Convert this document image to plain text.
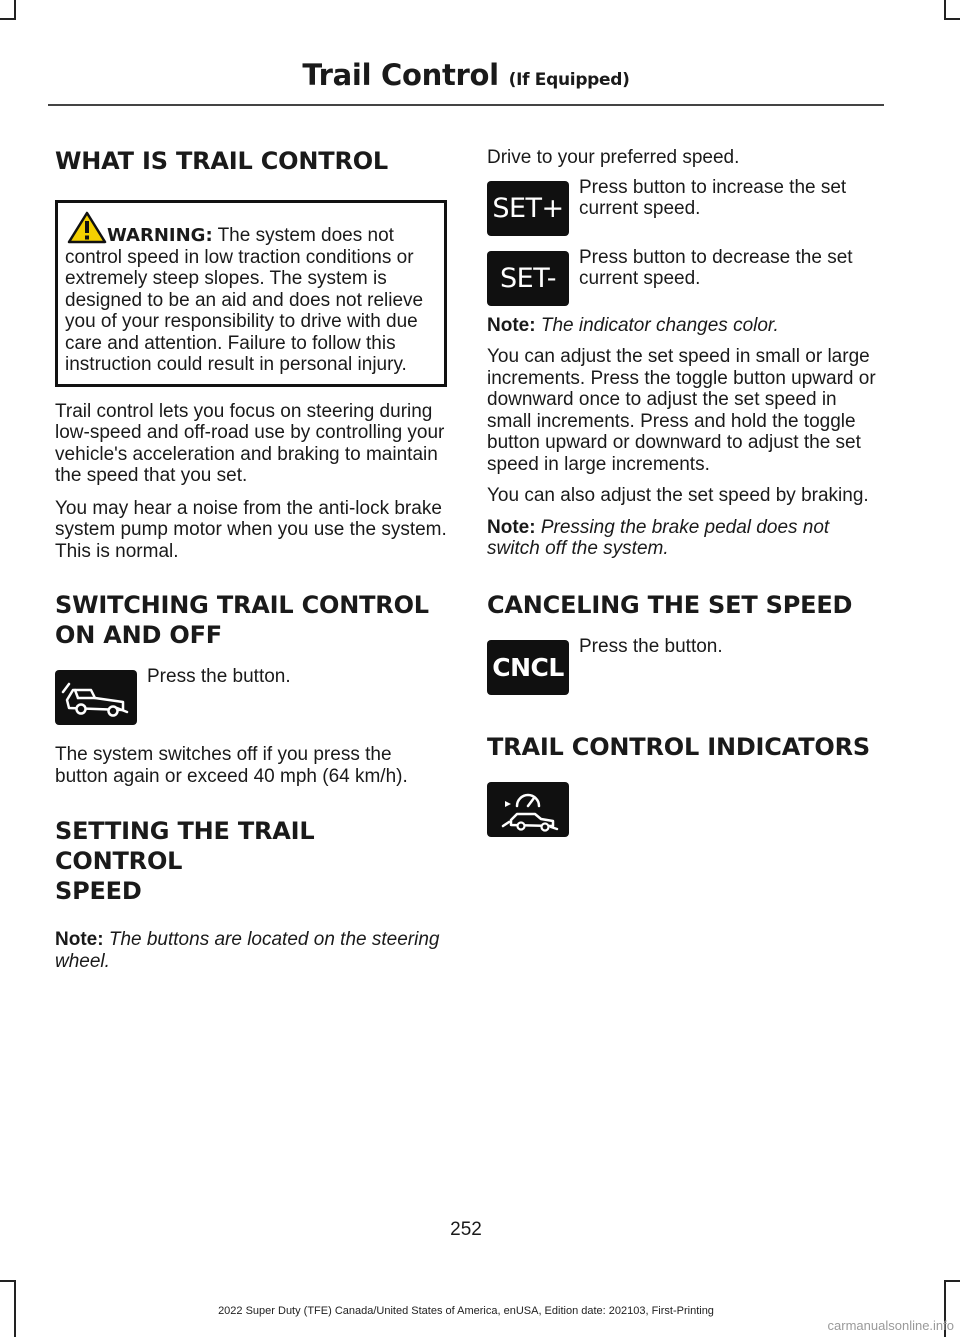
Trail Control (If Equipped)
WHAT IS TRAIL CONTROL
WARNING: The system does not
control speed in low traction conditions or extremely steep slopes. The system is designed to be an aid and does not relieve you of your responsibility to drive with due care and attention. Failure to follow this instruction could result in personal injury.

Trail control lets you focus on steering during low-speed and off-road use by controlling your vehicle's acceleration and braking to maintain the speed that you set.

You may hear a noise from the anti-lock brake system pump motor when you use the system. This is normal.

SWITCHING TRAIL CONTROL
ON AND OFF
Press the button.

The system switches off if you press the button again or exceed 40 mph (64 km/h).

SETTING THE TRAIL CONTROL
SPEED

Note: The buttons are located on the steering wheel.

Drive to your preferred speed.

SET+
Press button to increase the set current speed.
SET-
Press button to decrease the set current speed.

Note: The indicator changes color.

You can adjust the set speed in small or large increments. Press the toggle button upward or downward once to adjust the set speed in small increments. Press and hold the toggle button upward or downward to adjust the set speed in large increments.

You can also adjust the set speed by braking.

Note: Pressing the brake pedal does not switch off the system.

CANCELING THE SET SPEED
CNCL
Press the button.
TRAIL CONTROL INDICATORS
252
2022 Super Duty (TFE) Canada/United States of America, enUSA, Edition date: 202103, First-Printing
carmanualsonline.info
